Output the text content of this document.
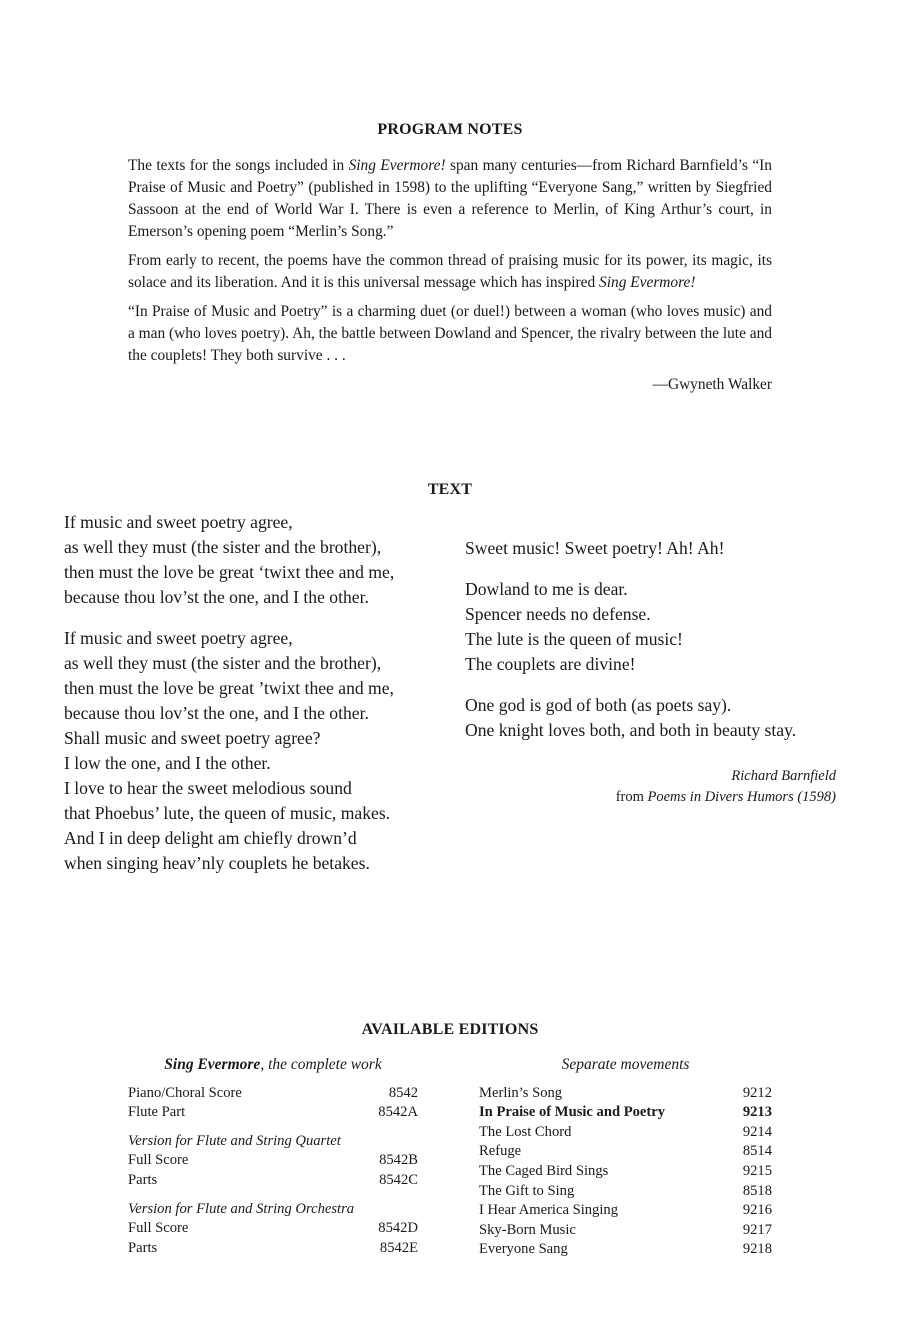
PROGRAM NOTES

The texts for the songs included in Sing Evermore! span many centuries—from Richard Barnfield’s “In Praise of Music and Poetry” (published in 1598) to the uplifting “Everyone Sang,” written by Siegfried Sassoon at the end of World War I. There is even a reference to Merlin, of King Arthur’s court, in Emerson’s opening poem “Merlin’s Song.”

From early to recent, the poems have the common thread of praising music for its power, its magic, its solace and its liberation. And it is this universal message which has inspired Sing Evermore!

“In Praise of Music and Poetry” is a charming duet (or duel!) between a woman (who loves music) and a man (who loves poetry). Ah, the battle between Dowland and Spencer, the rivalry between the lute and the couplets! They both survive . . .

—Gwyneth Walker
TEXT
If music and sweet poetry agree,
as well they must (the sister and the brother),
then must the love be great ‘twixt thee and me,
because thou lov’st the one, and I the other.
If music and sweet poetry agree,
as well they must (the sister and the brother),
then must the love be great ’twixt thee and me,
because thou lov’st the one, and I the other.
Shall music and sweet poetry agree?
I low the one, and I the other.
I love to hear the sweet melodious sound
that Phoebus’ lute, the queen of music, makes.
And I in deep delight am chiefly drown’d
when singing heav’nly couplets he betakes.
Sweet music! Sweet poetry! Ah! Ah!
Dowland to me is dear.
Spencer needs no defense.
The lute is the queen of music!
The couplets are divine!
One god is god of both (as poets say).
One knight loves both, and both in beauty stay.
Richard Barnfield
from Poems in Divers Humors (1598)
AVAILABLE EDITIONS
Sing Evermore, the complete work
Piano/Choral Score	8542
Flute Part	8542A
Version for Flute and String Quartet
Full Score	8542B
Parts	8542C
Version for Flute and String Orchestra
Full Score	8542D
Parts	8542E
Separate movements
Merlin’s Song	9212
In Praise of Music and Poetry	9213
The Lost Chord	9214
Refuge	8514
The Caged Bird Sings	9215
The Gift to Sing	8518
I Hear America Singing	9216
Sky-Born Music	9217
Everyone Sang	9218
